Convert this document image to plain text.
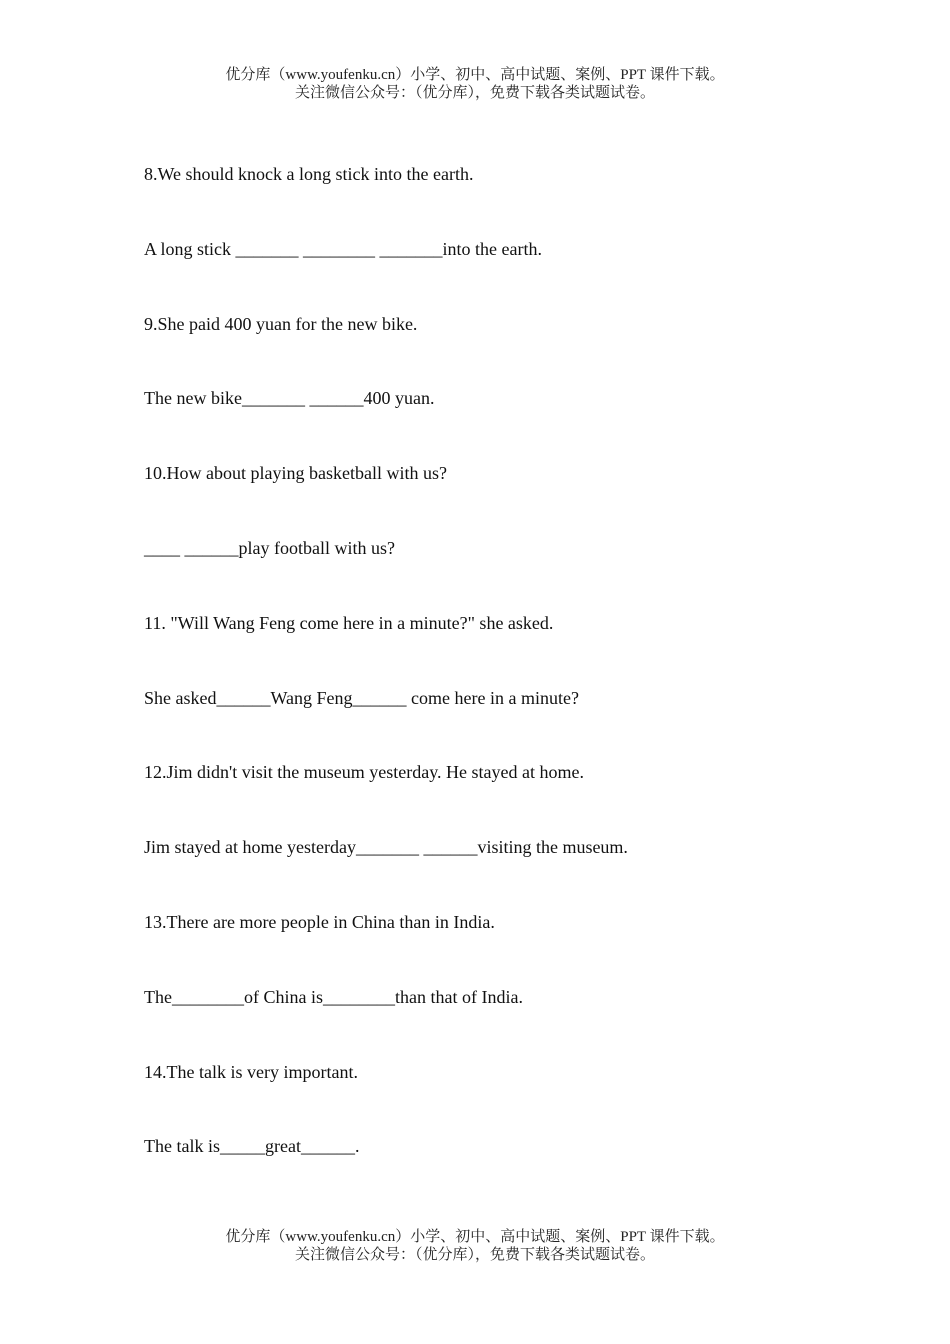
优分库（www.youfenku.cn）小学、初中、高中试题、案例、PPT 课件下载。
关注微信公众号：（优分库），免费下载各类试题试卷。
8.We should knock a long stick into the earth.
A long stick _______ ________ _______into the earth.
9.She paid 400 yuan for the new bike.
The new bike_______ ______400 yuan.
10.How about playing basketball with us?
____ ______play football with us?
11. "Will Wang Feng come here in a minute?" she asked.
She asked______Wang Feng______ come here in a minute?
12.Jim didn't visit the museum yesterday. He stayed at home.
Jim stayed at home yesterday_______ ______visiting the museum.
13.There are more people in China than in India.
The________of China is________than that of India.
14.The talk is very important.
The talk is_____great______.
优分库（www.youfenku.cn）小学、初中、高中试题、案例、PPT 课件下载。
关注微信公众号：（优分库），免费下载各类试题试卷。
